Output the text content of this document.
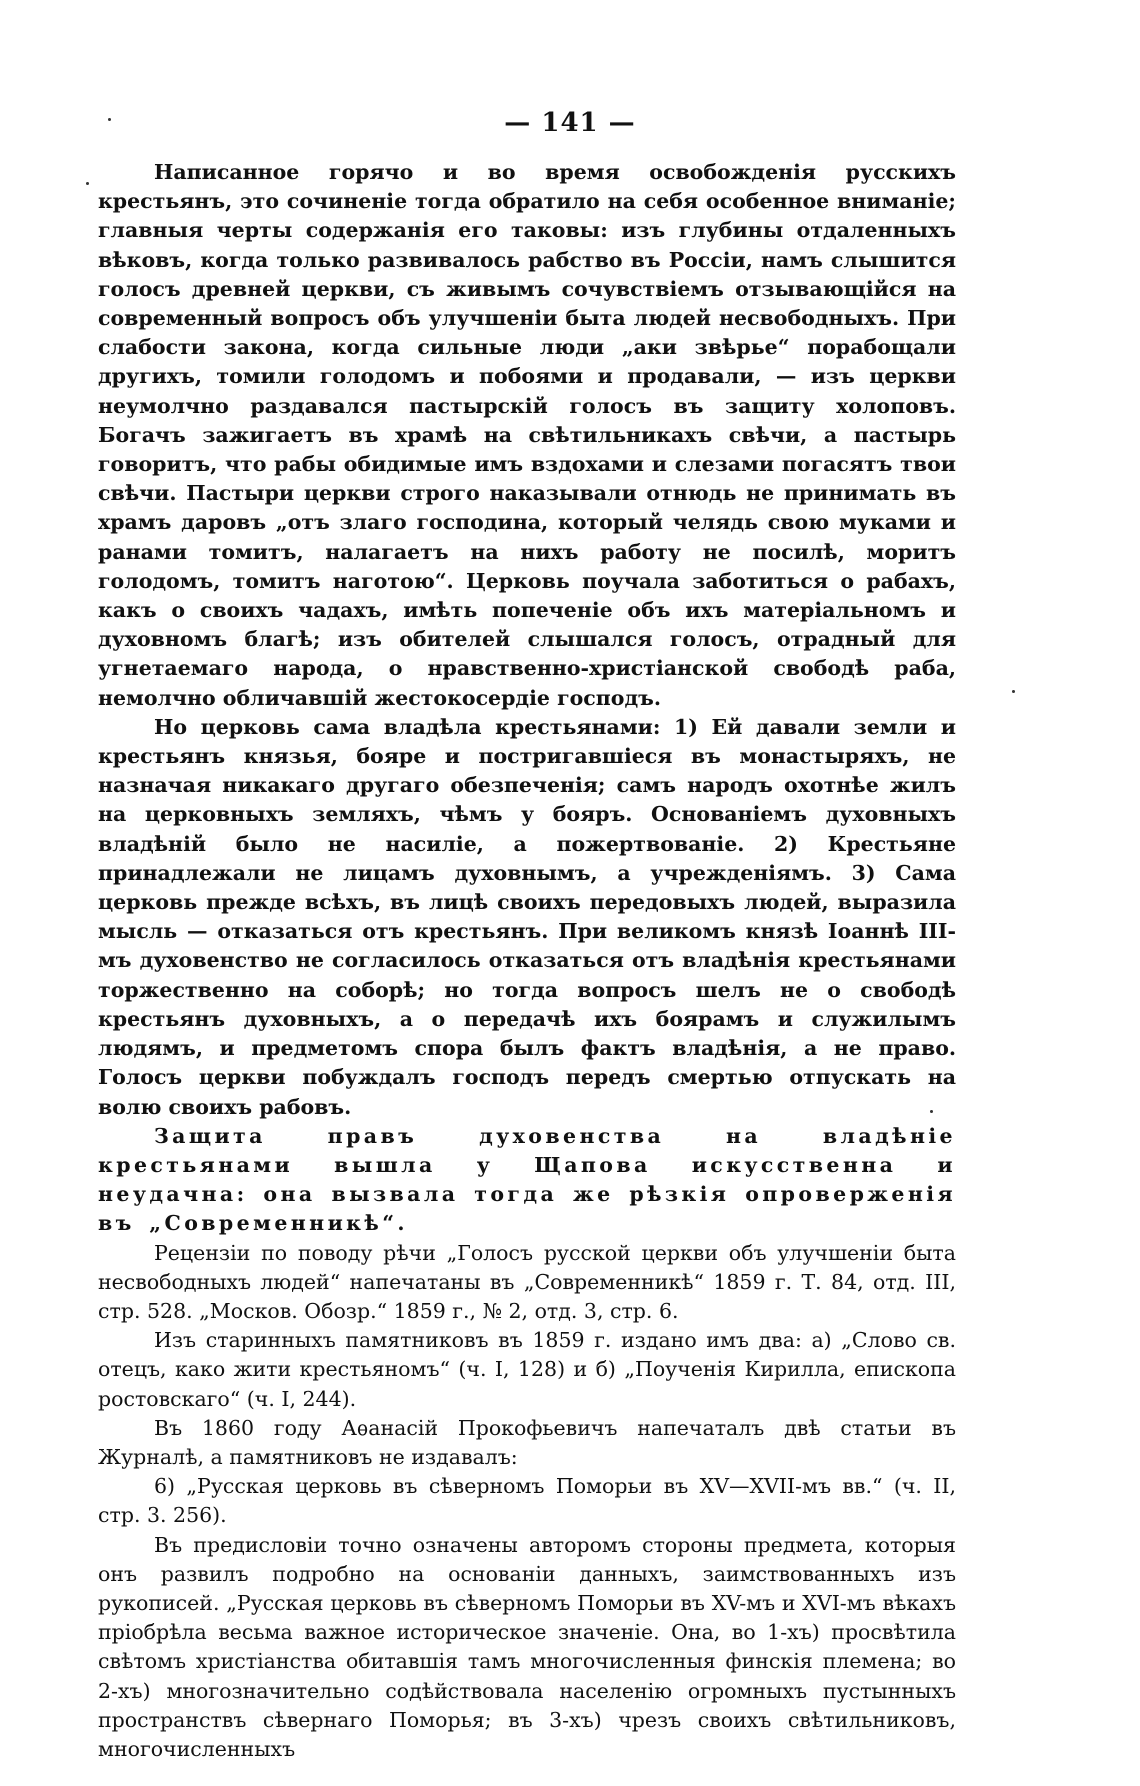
— 141 —

Написанное горячо и во время освобожденія русскихъ крестьянъ, это сочиненіе тогда обратило на себя особенное вниманіе; главныя черты содержанія его таковы: изъ глубины отдаленныхъ вѣковъ, когда только развивалось рабство въ Россіи, намъ слышится голосъ древней церкви, съ живымъ сочувствіемъ отзывающійся на современный вопросъ объ улучшеніи быта людей несвободныхъ. При слабости закона, когда сильные люди „аки звѣрье“ порабощали другихъ, томили голодомъ и побоями и продавали, — изъ церкви неумолчно раздавался пастырскій голосъ въ защиту холоповъ. Богачъ зажигаетъ въ храмѣ на свѣтильникахъ свѣчи, а пастырь говоритъ, что рабы обидимые имъ вздохами и слезами погасятъ твои свѣчи. Пастыри церкви строго наказывали отнюдь не принимать въ храмъ даровъ „отъ злаго господина, который челядь свою муками и ранами томитъ, налагаетъ на нихъ работу не посилѣ, моритъ голодомъ, томитъ наготою“. Церковь поучала заботиться о рабахъ, какъ о своихъ чадахъ, имѣть попеченіе объ ихъ матеріальномъ и духовномъ благѣ; изъ обителей слышался голосъ, отрадный для угнетаемаго народа, о нравственно-христіанской свободѣ раба, немолчно обличавшій жестокосердіе господъ.

Но церковь сама владѣла крестьянами: 1) Ей давали земли и крестьянъ князья, бояре и постригавшіеся въ монастыряхъ, не назначая никакаго другаго обезпеченія; самъ народъ охотнѣе жилъ на церковныхъ земляхъ, чѣмъ у бояръ. Основаніемъ духовныхъ владѣній было не насиліе, а пожертвованіе. 2) Крестьяне принадлежали не лицамъ духовнымъ, а учрежденіямъ. 3) Сама церковь прежде всѣхъ, въ лицѣ своихъ передовыхъ людей, выразила мысль — отказаться отъ крестьянъ. При великомъ князѣ Іоаннѣ III-мъ духовенство не согласилось отказаться отъ владѣнія крестьянами торжественно на соборѣ; но тогда вопросъ шелъ не о свободѣ крестьянъ духовныхъ, а о передачѣ ихъ боярамъ и служилымъ людямъ, и предметомъ спора былъ фактъ владѣнія, а не право. Голосъ церкви побуждалъ господъ передъ смертью отпускать на волю своихъ рабовъ.

Защита правъ духовенства на владѣніе крестьянами вышла у Щапова искусственна и неудачна: она вызвала тогда же рѣзкія опроверженія въ „Современникѣ“.

Рецензіи по поводу рѣчи „Голосъ русской церкви объ улучшеніи быта несвободныхъ людей“ напечатаны въ „Современникѣ“ 1859 г. Т. 84, отд. III, стр. 528. „Москов. Обозр.“ 1859 г., № 2, отд. 3, стр. 6.

Изъ старинныхъ памятниковъ въ 1859 г. издано имъ два: а) „Слово св. отецъ, како жити крестьяномъ“ (ч. I, 128) и б) „Поученія Кирилла, епископа ростовскаго“ (ч. I, 244).

Въ 1860 году Аѳанасій Прокофьевичъ напечаталъ двѣ статьи въ Журналѣ, а памятниковъ не издавалъ:

6) „Русская церковь въ сѣверномъ Поморьи въ XV—XVII-мъ вв.“ (ч. II, стр. 3. 256).

Въ предисловіи точно означены авторомъ стороны предмета, которыя онъ развилъ подробно на основаніи данныхъ, заимствованныхъ изъ рукописей. „Русская церковь въ сѣверномъ Поморьи въ XV-мъ и XVI-мъ вѣкахъ пріобрѣла весьма важное историческое значеніе. Она, во 1-хъ) просвѣтила свѣтомъ христіанства обитавшія тамъ многочисленныя финскія племена; во 2-хъ) многозначительно содѣйствовала населенію огромныхъ пустынныхъ пространствъ сѣвернаго Поморья; въ 3-хъ) чрезъ своихъ свѣтильниковъ, многочисленныхъ
